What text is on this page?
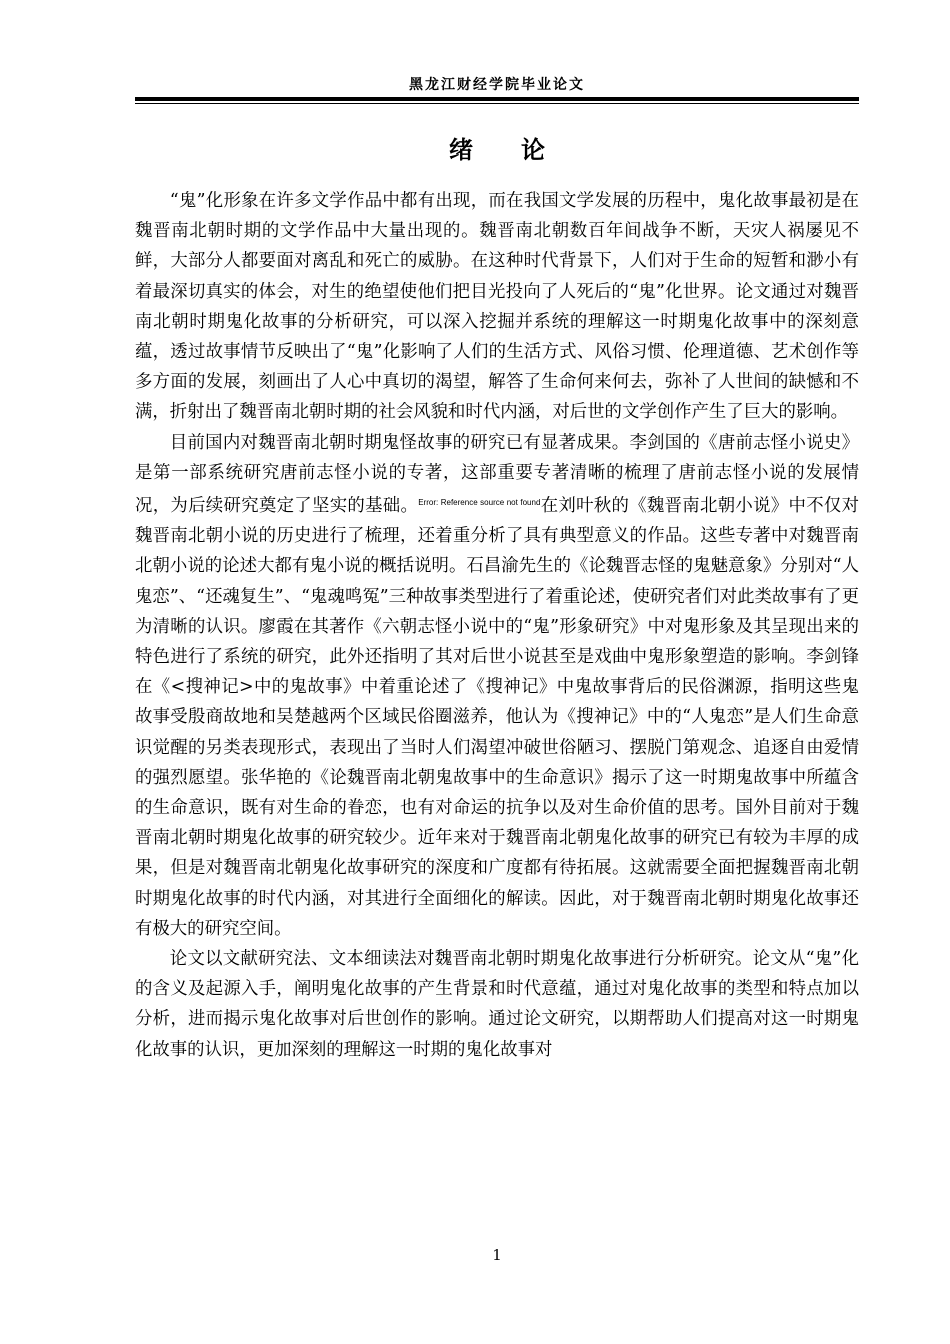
黑龙江财经学院毕业论文
绪 论

“鬼”化形象在许多文学作品中都有出现，而在我国文学发展的历程中，鬼化故事最初是在魏晋南北朝时期的文学作品中大量出现的。魏晋南北朝数百年间战争不断，天灾人祸屡见不鲜，大部分人都要面对离乱和死亡的威胁。在这种时代背景下，人们对于生命的短暂和渺小有着最深切真实的体会，对生的绝望使他们把目光投向了人死后的“鬼”化世界。论文通过对魏晋南北朝时期鬼化故事的分析研究，可以深入挖掘并系统的理解这一时期鬼化故事中的深刻意蕴，透过故事情节反映出了“鬼”化影响了人们的生活方式、风俗习惯、伦理道德、艺术创作等多方面的发展，刻画出了人心中真切的渴望，解答了生命何来何去，弥补了人世间的缺憾和不满，折射出了魏晋南北朝时期的社会风貌和时代内涵，对后世的文学创作产生了巨大的影响。

目前国内对魏晋南北朝时期鬼怪故事的研究已有显著成果。李剑国的《唐前志怪小说史》是第一部系统研究唐前志怪小说的专著，这部重要专著清晰的梳理了唐前志怪小说的发展情况，为后续研究奠定了坚实的基础。$^{Error: Reference source not found}$在刘叶秋的《魏晋南北朝小说》中不仅对魏晋南北朝小说的历史进行了梳理，还着重分析了具有典型意义的作品。这些专著中对魏晋南北朝小说的论述大都有鬼小说的概括说明。石昌渝先生的《论魏晋志怪的鬼魅意象》分别对“人鬼恋”、“还魂复生”、“鬼魂鸣冤”三种故事类型进行了着重论述，使研究者们对此类故事有了更为清晰的认识。廖霞在其著作《六朝志怪小说中的“鬼”形象研究》中对鬼形象及其呈现出来的特色进行了系统的研究，此外还指明了其对后世小说甚至是戏曲中鬼形象塑造的影响。李剑锋在《<搜神记>中的鬼故事》中着重论述了《搜神记》中鬼故事背后的民俗渊源，指明这些鬼故事受殷商故地和吴楚越两个区域民俗圈滋养，他认为《搜神记》中的“人鬼恋”是人们生命意识觉醒的另类表现形式，表现出了当时人们渴望冲破世俗陋习、摆脱门第观念、追逐自由爱情的强烈愿望。张华艳的《论魏晋南北朝鬼故事中的生命意识》揭示了这一时期鬼故事中所蕴含的生命意识，既有对生命的眷恋，也有对命运的抗争以及对生命价值的思考。国外目前对于魏晋南北朝时期鬼化故事的研究较少。近年来对于魏晋南北朝鬼化故事的研究已有较为丰厚的成果，但是对魏晋南北朝鬼化故事研究的深度和广度都有待拓展。这就需要全面把握魏晋南北朝时期鬼化故事的时代内涵，对其进行全面细化的解读。因此，对于魏晋南北朝时期鬼化故事还有极大的研究空间。

论文以文献研究法、文本细读法对魏晋南北朝时期鬼化故事进行分析研究。论文从“鬼”化的含义及起源入手，阐明鬼化故事的产生背景和时代意蕴，通过对鬼化故事的类型和特点加以分析，进而揭示鬼化故事对后世创作的影响。通过论文研究，以期帮助人们提高对这一时期鬼化故事的认识，更加深刻的理解这一时期的鬼化故事对

1
